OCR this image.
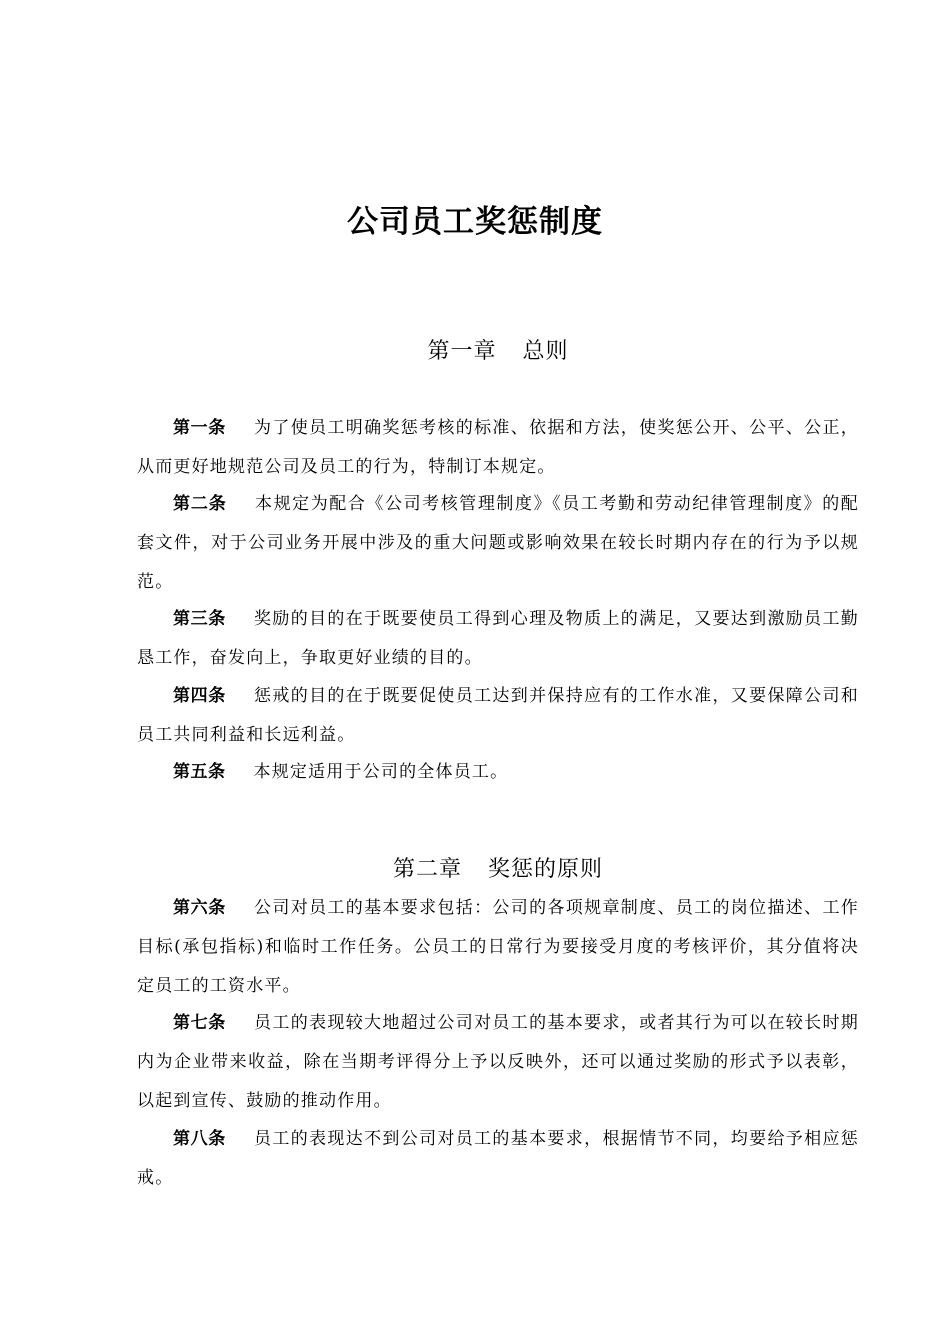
公司员工奖惩制度
第一章 总则

第一条 为了使员工明确奖惩考核的标准、依据和方法，使奖惩公开、公平、公正，从而更好地规范公司及员工的行为，特制订本规定。

第二条 本规定为配合《公司考核管理制度》《员工考勤和劳动纪律管理制度》的配套文件，对于公司业务开展中涉及的重大问题或影响效果在较长时期内存在的行为予以规范。

第三条 奖励的目的在于既要使员工得到心理及物质上的满足，又要达到激励员工勤恳工作，奋发向上，争取更好业绩的目的。

第四条 惩戒的目的在于既要促使员工达到并保持应有的工作水准，又要保障公司和员工共同利益和长远利益。

第五条 本规定适用于公司的全体员工。

第二章 奖惩的原则

第六条 公司对员工的基本要求包括：公司的各项规章制度、员工的岗位描述、工作目标(承包指标)和临时工作任务。公员工的日常行为要接受月度的考核评价，其分值将决定员工的工资水平。

第七条 员工的表现较大地超过公司对员工的基本要求，或者其行为可以在较长时期内为企业带来收益，除在当期考评得分上予以反映外，还可以通过奖励的形式予以表彰，以起到宣传、鼓励的推动作用。

第八条 员工的表现达不到公司对员工的基本要求，根据情节不同，均要给予相应惩戒。
